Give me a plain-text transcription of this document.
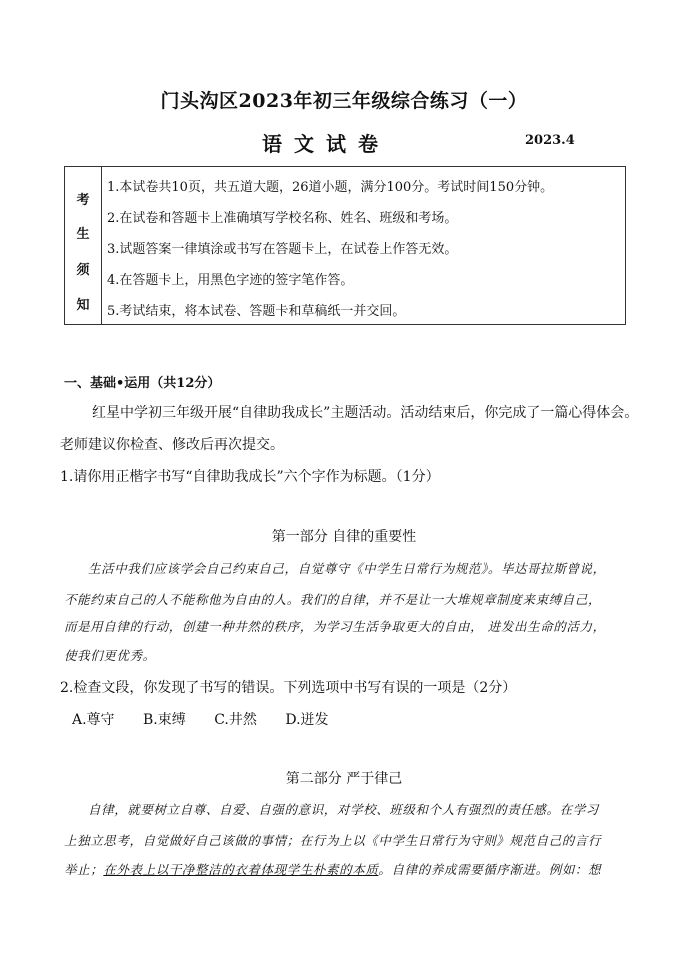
门头沟区2023年初三年级综合练习（一）
语文试卷	2023.4
考
生
须
知
1.本试卷共10页，共五道大题，26道小题，满分100分。考试时间150分钟。
2.在试卷和答题卡上准确填写学校名称、姓名、班级和考场。
3.试题答案一律填涂或书写在答题卡上，在试卷上作答无效。
4.在答题卡上，用黑色字迹的签字笔作答。
5.考试结束，将本试卷、答题卡和草稿纸一并交回。
一、基础•运用（共12分）
红星中学初三年级开展“自律助我成长”主题活动。活动结束后，你完成了一篇心得体会。
老师建议你检查、修改后再次提交。
1.请你用正楷字书写“自律助我成长”六个字作为标题。（1分）
第一部分 自律的重要性
生活中我们应该学会自己约束自己，自觉尊守《中学生日常行为规范》。毕达哥拉斯曾说，
不能约束自己的人不能称他为自由的人。我们的自律，并不是让一大堆规章制度来束缚自己，
而是用自律的行动，创建一种井然的秩序，为学习生活争取更大的自由， 进发出生命的活力，
使我们更优秀。
2.检查文段，你发现了书写的错误。下列选项中书写有误的一项是（2分）
A.尊守 B.束缚 C.井然 D.迸发
第二部分 严于律己
自律，就要树立自尊、自爱、自强的意识，对学校、班级和个人有强烈的责任感。在学习
上独立思考，自觉做好自己该做的事情；在行为上以《中学生日常行为守则》规范自己的言行
举止；在外表上以干净整洁的衣着体现学生朴素的本质。自律的养成需要循序渐进。例如：想
